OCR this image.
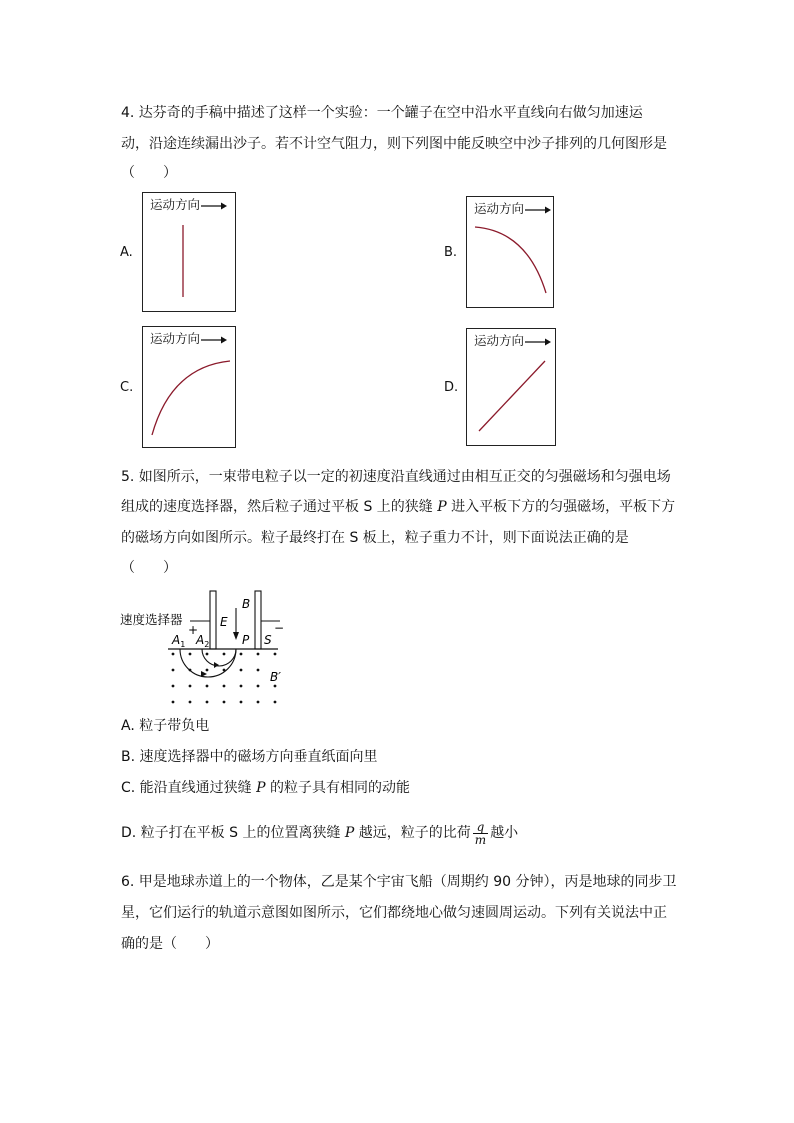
4. 达芬奇的手稿中描述了这样一个实验：一个罐子在空中沿水平直线向右做匀加速运
动，沿途连续漏出沙子。若不计空气阻力，则下列图中能反映空中沙子排列的几何图形是
（　　）
A.
运动方向
B.
运动方向
C.
运动方向
D.
运动方向
5. 如图所示，一束带电粒子以一定的初速度沿直线通过由相互正交的匀强磁场和匀强电场
组成的速度选择器，然后粒子通过平板 S 上的狭缝 P 进入平板下方的匀强磁场，平板下方
的磁场方向如图所示。粒子最终打在 S 板上，粒子重力不计，则下面说法正确的是
（　　）
B
E
+	−
速度选择器
$A_1$ $A_2$	P S
B′
A. 粒子带负电
B. 速度选择器中的磁场方向垂直纸面向里
C. 能沿直线通过狭缝 P 的粒子具有相同的动能
D. 粒子打在平板 S 上的位置离狭缝 P 越远，粒子的比荷 $\frac{q}{m}$ 越小
6. 甲是地球赤道上的一个物体，乙是某个宇宙飞船（周期约 90 分钟），丙是地球的同步卫
星，它们运行的轨道示意图如图所示，它们都绕地心做匀速圆周运动。下列有关说法中正
确的是（　　）
